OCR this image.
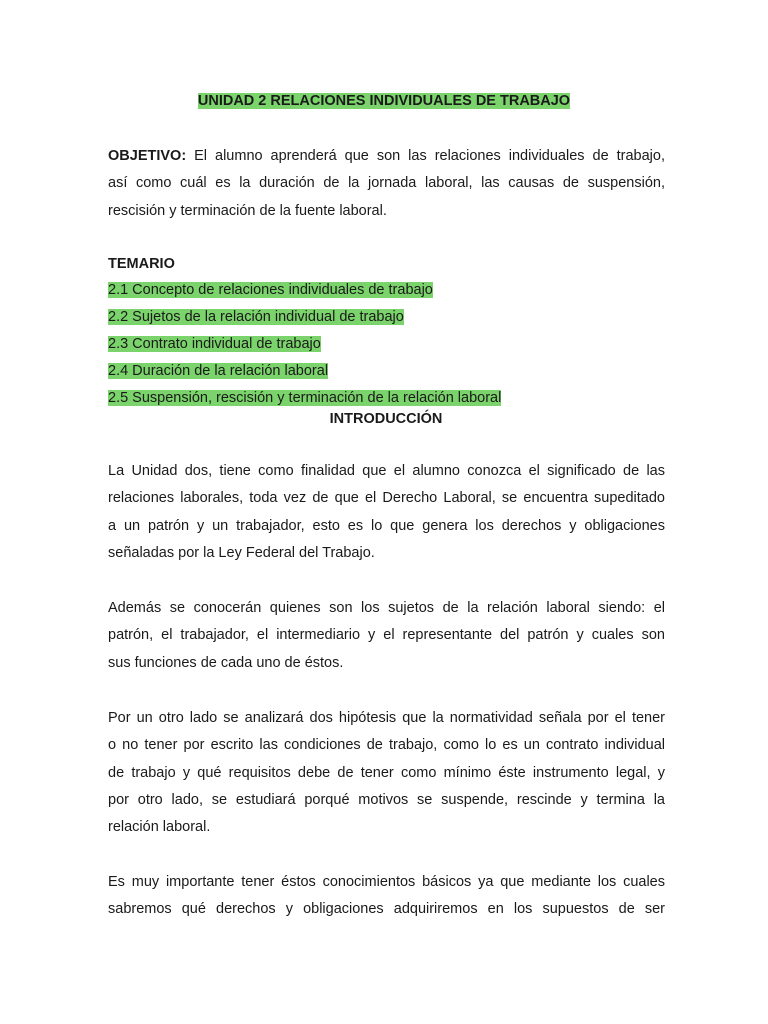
UNIDAD 2 RELACIONES INDIVIDUALES DE TRABAJO
OBJETIVO: El alumno aprenderá que son las relaciones individuales de trabajo,
así como cuál es la duración de la jornada laboral, las causas de suspensión,
rescisión y terminación de la fuente laboral.
TEMARIO
2.1 Concepto de relaciones individuales de trabajo
2.2 Sujetos de la relación individual de trabajo
2.3 Contrato individual de trabajo
2.4 Duración de la relación laboral
2.5 Suspensión, rescisión y terminación de la relación laboral
INTRODUCCIÓN
La Unidad dos, tiene como finalidad que el alumno conozca el significado de las
relaciones laborales, toda vez de que el Derecho Laboral, se encuentra supeditado
a un patrón y un trabajador, esto es lo que genera los derechos y obligaciones
señaladas por la Ley Federal del Trabajo.
Además se conocerán quienes son los sujetos de la relación laboral siendo: el
patrón, el trabajador, el intermediario y el representante del patrón y cuales son
sus funciones de cada uno de éstos.
Por un otro lado se analizará dos hipótesis que la normatividad señala por el tener
o no tener por escrito las condiciones de trabajo, como lo es un contrato individual
de trabajo y qué requisitos debe de tener como mínimo éste instrumento legal, y
por otro lado, se estudiará porqué motivos se suspende, rescinde y termina la
relación laboral.
Es muy importante tener éstos conocimientos básicos ya que mediante los cuales
sabremos qué derechos y obligaciones adquiriremos en los supuestos de ser
